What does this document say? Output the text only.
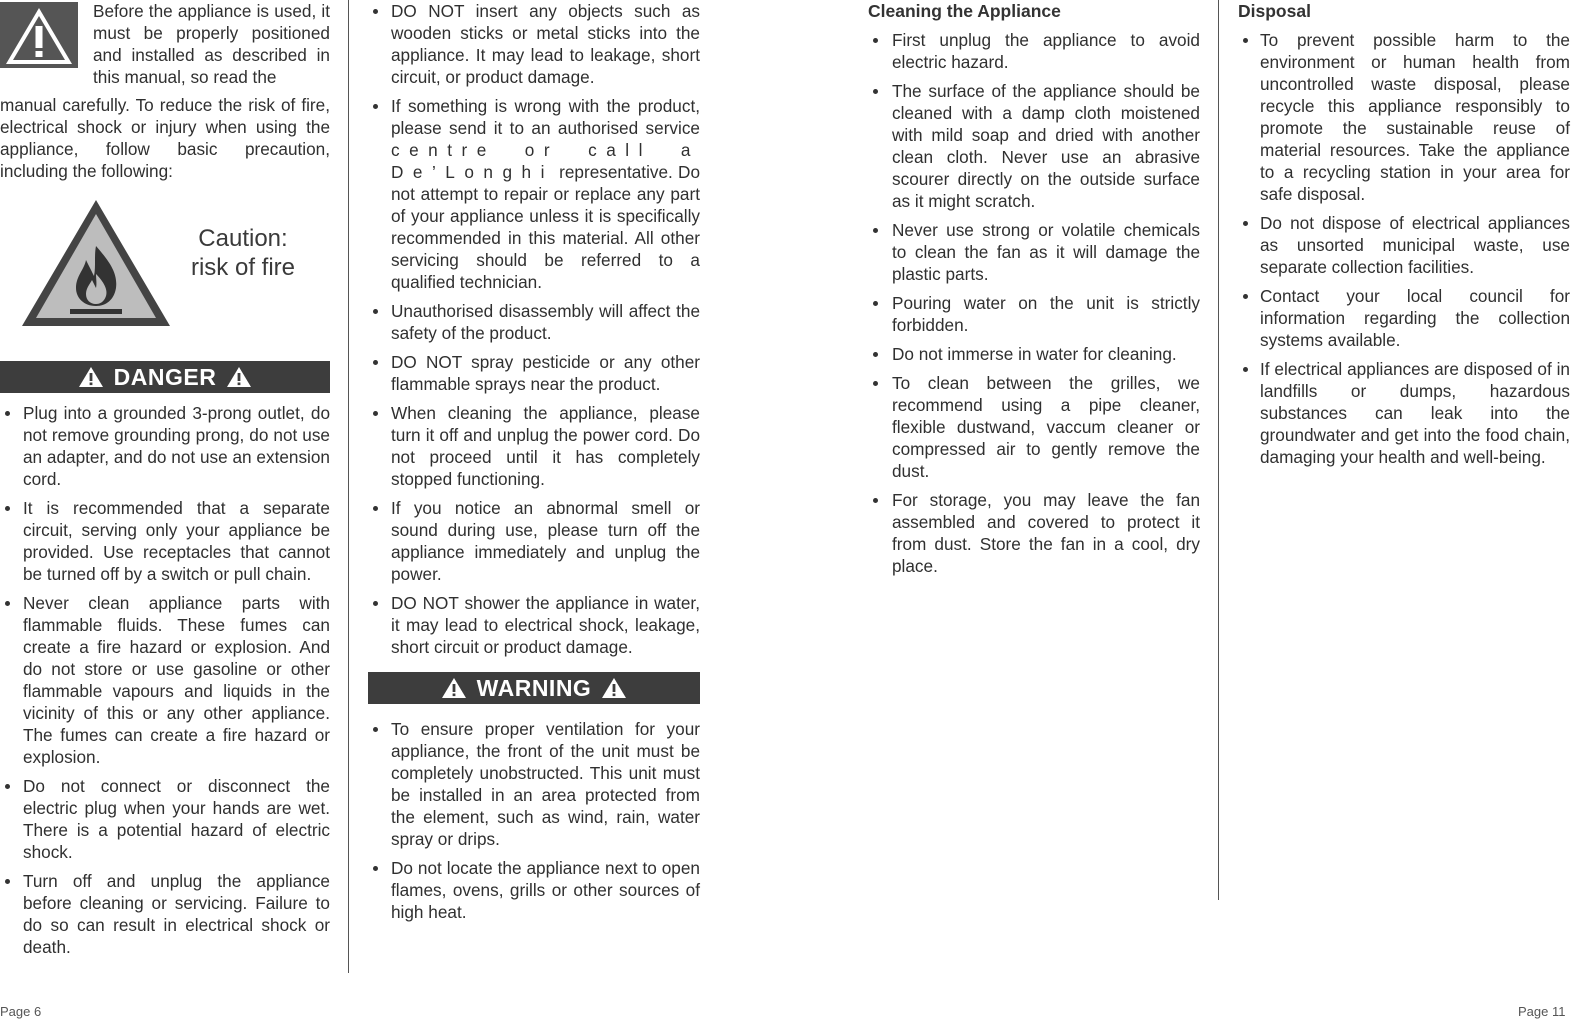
Before the appliance is used, it must be properly positioned and installed as described in this manual, so read the

manual carefully. To reduce the risk of fire, electrical shock or injury when using the appliance, follow basic precaution, including the following:

Caution:
risk of fire
DANGER
Plug into a grounded 3-prong outlet, do not remove grounding prong, do not use an adapter, and do not use an extension cord.
It is recommended that a separate circuit, serving only your appliance be provided. Use receptacles that cannot be turned off by a switch or pull chain.
Never clean appliance parts with flammable fluids. These fumes can create a fire hazard or explosion. And do not store or use gasoline or other flammable vapours and liquids in the vicinity of this or any other appliance. The fumes can create a fire hazard or explosion.
Do not connect or disconnect the electric plug when your hands are wet. There is a potential hazard of electric shock.
Turn off and unplug the appliance before cleaning or servicing. Failure to do so can result in electrical shock or death.
DO NOT insert any objects such as wooden sticks or metal sticks into the appliance. It may lead to leakage, short circuit, or product damage.
If something is wrong with the product, please send it to an authorised service centre or call a De’Longhi representative. Do not attempt to repair or replace any part of your appliance unless it is specifically recommended in this material. All other servicing should be referred to a qualified technician.
Unauthorised disassembly will affect the safety of the product.
DO NOT spray pesticide or any other flammable sprays near the product.
When cleaning the appliance, please turn it off and unplug the power cord. Do not proceed until it has completely stopped functioning.
If you notice an abnormal smell or sound during use, please turn off the appliance immediately and unplug the power.
DO NOT shower the appliance in water, it may lead to electrical shock, leakage, short circuit or product damage.
WARNING
To ensure proper ventilation for your appliance, the front of the unit must be completely unobstructed. This unit must be installed in an area protected from the element, such as wind, rain, water spray or drips.
Do not locate the appliance next to open flames, ovens, grills or other sources of high heat.
Cleaning the Appliance
First unplug the appliance to avoid electric hazard.
The surface of the appliance should be cleaned with a damp cloth moistened with mild soap and dried with another clean cloth. Never use an abrasive scourer directly on the outside surface as it might scratch.
Never use strong or volatile chemicals to clean the fan as it will damage the plastic parts.
Pouring water on the unit is strictly forbidden.
Do not immerse in water for cleaning.
To clean between the grilles, we recommend using a pipe cleaner, flexible dustwand, vaccum cleaner or compressed air to gently remove the dust.
For storage, you may leave the fan assembled and covered to protect it from dust. Store the fan in a cool, dry place.
Disposal
To prevent possible harm to the environment or human health from uncontrolled waste disposal, please recycle this appliance responsibly to promote the sustainable reuse of material resources. Take the appliance to a recycling station in your area for safe disposal.
Do not dispose of electrical appliances as unsorted municipal waste, use separate collection facilities.
Contact your local council for information regarding the collection systems available.
If electrical appliances are disposed of in landfills or dumps, hazardous substances can leak into the groundwater and get into the food chain, damaging your health and well-being.
Page 6	Page 11
